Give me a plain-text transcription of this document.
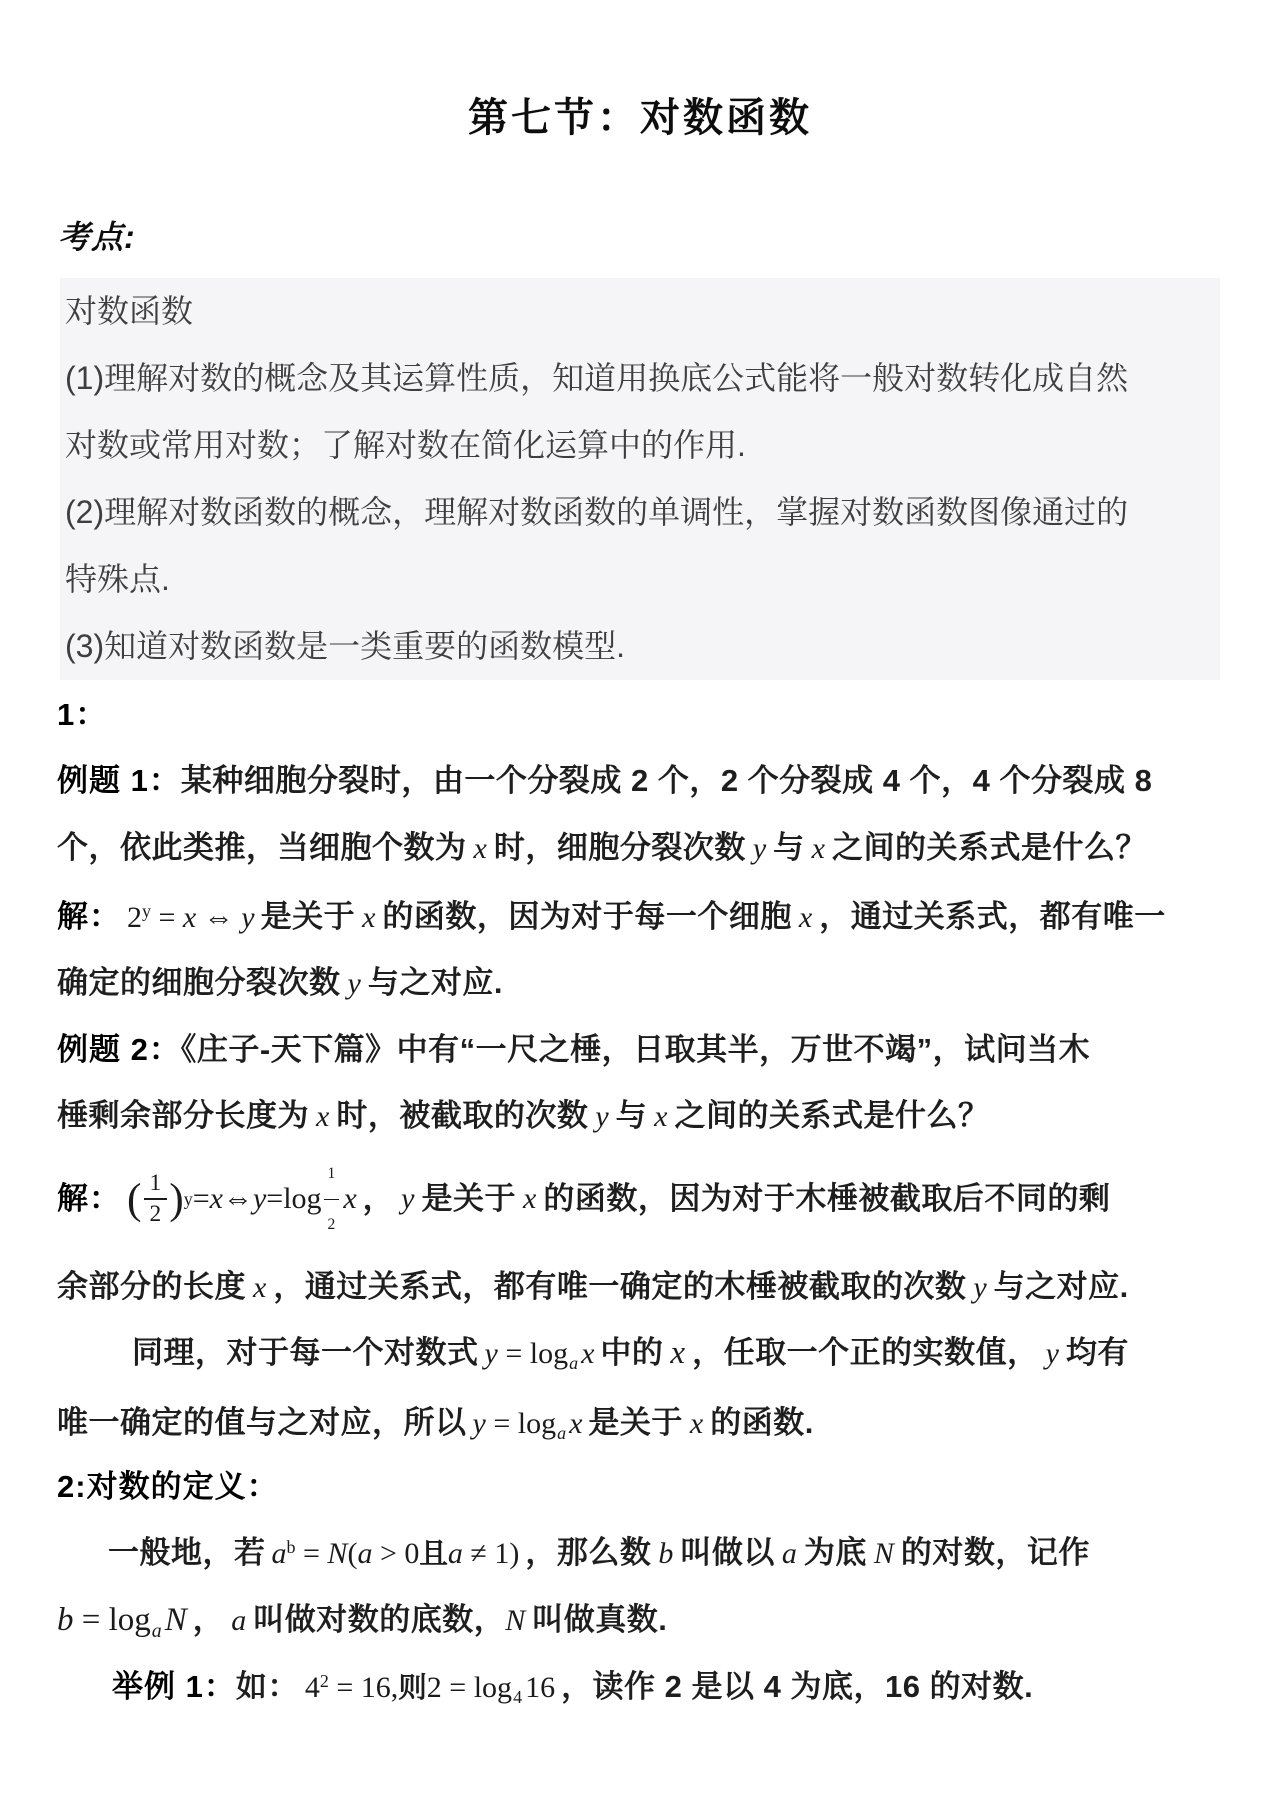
第七节：对数函数
考点:
对数函数
(1)理解对数的概念及其运算性质，知道用换底公式能将一般对数转化成自然
对数或常用对数；了解对数在简化运算中的作用.
(2)理解对数函数的概念，理解对数函数的单调性，掌握对数函数图像通过的
特殊点.
(3)知道对数函数是一类重要的函数模型.
1：
例题 1：某种细胞分裂时，由一个分裂成 2 个，2 个分裂成 4 个，4 个分裂成 8
个，依此类推，当细胞个数为 x 时，细胞分裂次数 y 与 x 之间的关系式是什么？
解： $2^y = x$ ⇔ y 是关于 x 的函数，因为对于每一个细胞 x ，通过关系式，都有唯一
确定的细胞分裂次数 y 与之对应.
例题 2：《庄子-天下篇》中有“一尺之棰，日取其半，万世不竭”，试问当木
棰剩余部分长度为 x 时，被截取的次数 y 与 x 之间的关系式是什么？
解： ( $\frac{1}{2}$ ) y = x ⇔ $y = \log \frac{1}{2}$ x ， y 是关于 x 的函数，因为对于木棰被截取后不同的剩
余部分的长度 x ，通过关系式，都有唯一确定的木棰被截取的次数 y 与之对应.
同理，对于每一个对数式 $y = \log_a x$ 中的 x ，任取一个正的实数值， y 均有
唯一确定的值与之对应，所以 $y = \log_a x$ 是关于 x 的函数.
2:对数的定义：
一般地，若 $a^b = N(a > 0$且a ≠ 1) ，那么数 b 叫做以 a 为底 N 的对数，记作
$b = \log_aN$ ， a 叫做对数的底数，N 叫做真数.
举例 1：如： $4^2 = 16$,则$2 = \log_4 16$ ，读作 2 是以 4 为底，16 的对数.
